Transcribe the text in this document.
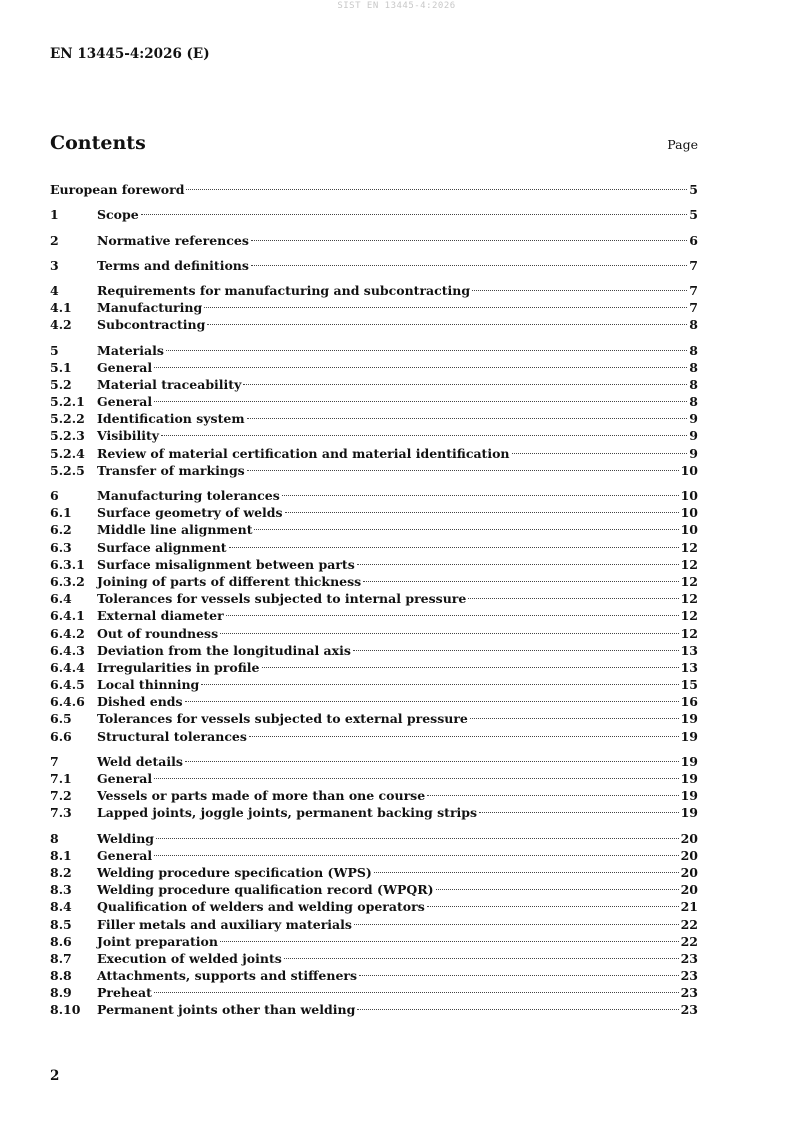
SIST EN 13445-4:2026
EN 13445-4:2026 (E)
Contents	Page
European foreword	5
1	Scope	5
2	Normative references	6
3	Terms and definitions	7
4	Requirements for manufacturing and subcontracting	7
4.1	Manufacturing	7
4.2	Subcontracting	8
5	Materials	8
5.1	General	8
5.2	Material traceability	8
5.2.1 General	8
5.2.2 Identification system	9
5.2.3 Visibility	9
5.2.4 Review of material certification and material identification	9
5.2.5 Transfer of markings	10
6	Manufacturing tolerances	10
6.1	Surface geometry of welds	10
6.2	Middle line alignment	10
6.3	Surface alignment	12
6.3.1 Surface misalignment between parts	12
6.3.2 Joining of parts of different thickness	12
6.4	Tolerances for vessels subjected to internal pressure	12
6.4.1 External diameter	12
6.4.2 Out of roundness	12
6.4.3 Deviation from the longitudinal axis	13
6.4.4 Irregularities in profile	13
6.4.5 Local thinning	15
6.4.6 Dished ends	16
6.5	Tolerances for vessels subjected to external pressure	19
6.6	Structural tolerances	19
7	Weld details	19
7.1	General	19
7.2	Vessels or parts made of more than one course	19
7.3	Lapped joints, joggle joints, permanent backing strips	19
8	Welding	20
8.1	General	20
8.2	Welding procedure specification (WPS)	20
8.3	Welding procedure qualification record (WPQR)	20
8.4	Qualification of welders and welding operators	21
8.5	Filler metals and auxiliary materials	22
8.6	Joint preparation	22
8.7	Execution of welded joints	23
8.8	Attachments, supports and stiffeners	23
8.9	Preheat	23
8.10	Permanent joints other than welding	23
2
